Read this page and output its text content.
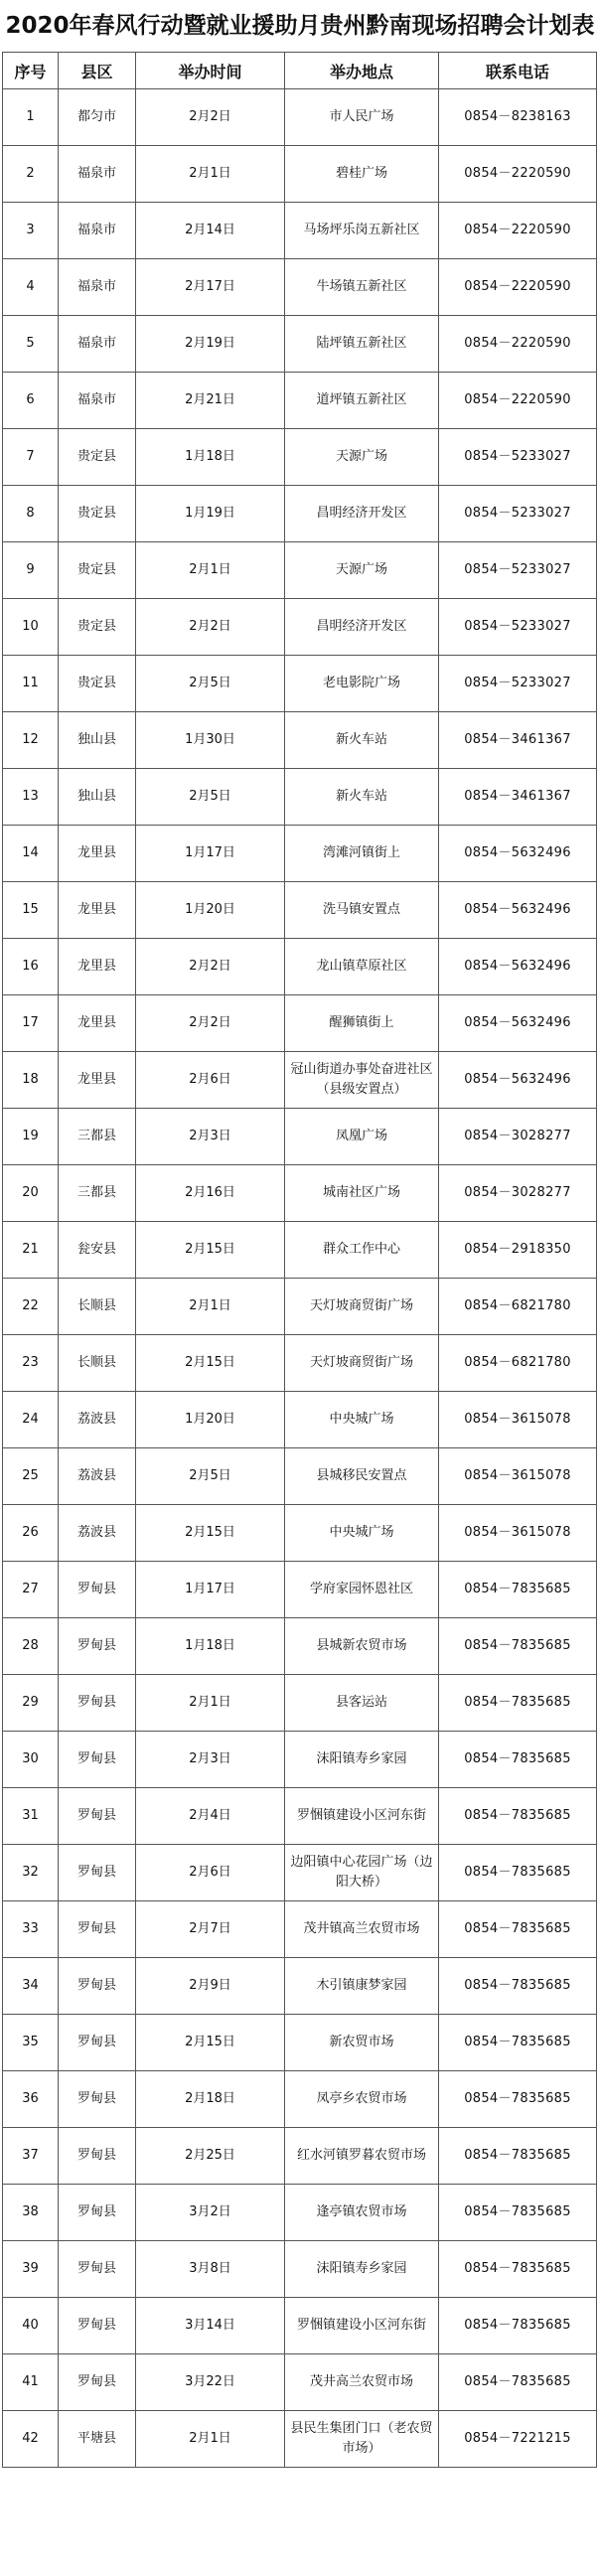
2020年春风行动暨就业援助月贵州黔南现场招聘会计划表
序号	县区	举办时间	举办地点	联系电话
1	都匀市	2月2日	市人民广场	0854－8238163
2	福泉市	2月1日	碧桂广场	0854－2220590
3	福泉市	2月14日	马场坪乐岗五新社区	0854－2220590
4	福泉市	2月17日	牛场镇五新社区	0854－2220590
5	福泉市	2月19日	陆坪镇五新社区	0854－2220590
6	福泉市	2月21日	道坪镇五新社区	0854－2220590
7	贵定县	1月18日	天源广场	0854－5233027
8	贵定县	1月19日	昌明经济开发区	0854－5233027
9	贵定县	2月1日	天源广场	0854－5233027
10	贵定县	2月2日	昌明经济开发区	0854－5233027
11	贵定县	2月5日	老电影院广场	0854－5233027
12	独山县	1月30日	新火车站	0854－3461367
13	独山县	2月5日	新火车站	0854－3461367
14	龙里县	1月17日	湾滩河镇街上	0854－5632496
15	龙里县	1月20日	洗马镇安置点	0854－5632496
16	龙里县	2月2日	龙山镇草原社区	0854－5632496
17	龙里县	2月2日	醒狮镇街上	0854－5632496
18	龙里县	2月6日	冠山街道办事处奋进社区（县级安置点）	0854－5632496
19	三都县	2月3日	凤凰广场	0854－3028277
20	三都县	2月16日	城南社区广场	0854－3028277
21	瓮安县	2月15日	群众工作中心	0854－2918350
22	长顺县	2月1日	天灯坡商贸街广场	0854－6821780
23	长顺县	2月15日	天灯坡商贸街广场	0854－6821780
24	荔波县	1月20日	中央城广场	0854－3615078
25	荔波县	2月5日	县城移民安置点	0854－3615078
26	荔波县	2月15日	中央城广场	0854－3615078
27	罗甸县	1月17日	学府家园怀恩社区	0854－7835685
28	罗甸县	1月18日	县城新农贸市场	0854－7835685
29	罗甸县	2月1日	县客运站	0854－7835685
30	罗甸县	2月3日	沫阳镇寿乡家园	0854－7835685
31	罗甸县	2月4日	罗悃镇建设小区河东街	0854－7835685
32	罗甸县	2月6日	边阳镇中心花园广场（边阳大桥）	0854－7835685
33	罗甸县	2月7日	茂井镇高兰农贸市场	0854－7835685
34	罗甸县	2月9日	木引镇康梦家园	0854－7835685
35	罗甸县	2月15日	新农贸市场	0854－7835685
36	罗甸县	2月18日	凤亭乡农贸市场	0854－7835685
37	罗甸县	2月25日	红水河镇罗暮农贸市场	0854－7835685
38	罗甸县	3月2日	逢亭镇农贸市场	0854－7835685
39	罗甸县	3月8日	沫阳镇寿乡家园	0854－7835685
40	罗甸县	3月14日	罗悃镇建设小区河东街	0854－7835685
41	罗甸县	3月22日	茂井高兰农贸市场	0854－7835685
42	平塘县	2月1日	县民生集团门口（老农贸市场）	0854－7221215
